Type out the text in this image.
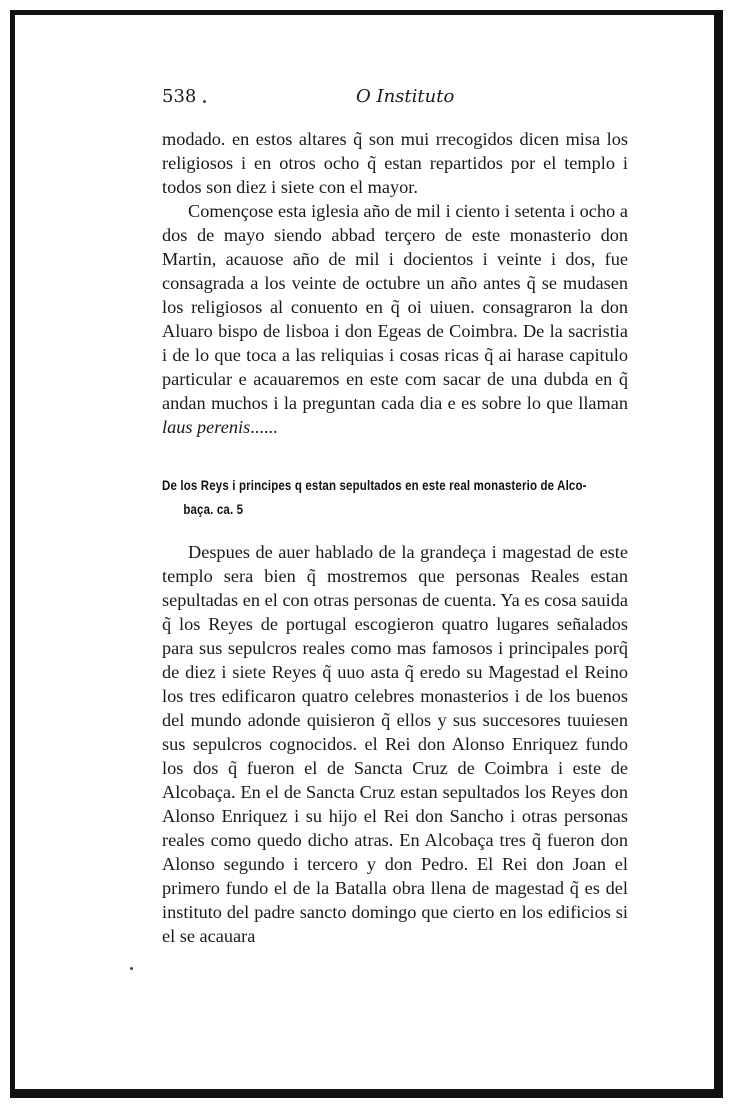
538	O Instituto

modado. en estos altares q̃ son mui rrecogidos dicen misa los religiosos i en otros ocho q̃ estan repartidos por el templo i todos son diez i siete con el mayor.

Començose esta iglesia año de mil i ciento i setenta i ocho a dos de mayo siendo abbad terçero de este monasterio don Martin, acauose año de mil i docientos i veinte i dos, fue consagrada a los veinte de octubre un año antes q̃ se mudasen los religiosos al conuento en q̃ oi uiuen. consagraron la don Aluaro bispo de lisboa i don Egeas de Coimbra. De la sacristia i de lo que toca a las reliquias i cosas ricas q̃ ai harase capitulo particular e acauaremos en este com sacar de una dubda en q̃ andan muchos i la preguntan cada dia e es sobre lo que llaman laus perenis......

De los Reys i principes q estan sepultados en este real monasterio de Alco-
baça. ca. 5

Despues de auer hablado de la grandeça i magestad de este templo sera bien q̃ mostremos que personas Reales estan sepultadas en el con otras personas de cuenta. Ya es cosa sauida q̃ los Reyes de portugal escogieron quatro lugares señalados para sus sepulcros reales como mas famosos i principales porq̃ de diez i siete Reyes q̃ uuo asta q̃ eredo su Magestad el Reino los tres edificaron quatro celebres monasterios i de los buenos del mundo adonde quisieron q̃ ellos y sus succesores tuuiesen sus sepulcros cognocidos. el Rei don Alonso Enriquez fundo los dos q̃ fueron el de Sancta Cruz de Coimbra i este de Alcobaça. En el de Sancta Cruz estan sepultados los Reyes don Alonso Enriquez i su hijo el Rei don Sancho i otras personas reales como quedo dicho atras. En Alcobaça tres q̃ fueron don Alonso segundo i tercero y don Pedro. El Rei don Joan el primero fundo el de la Batalla obra llena de magestad q̃ es del instituto del padre sancto domingo que cierto en los edificios si el se acauara
